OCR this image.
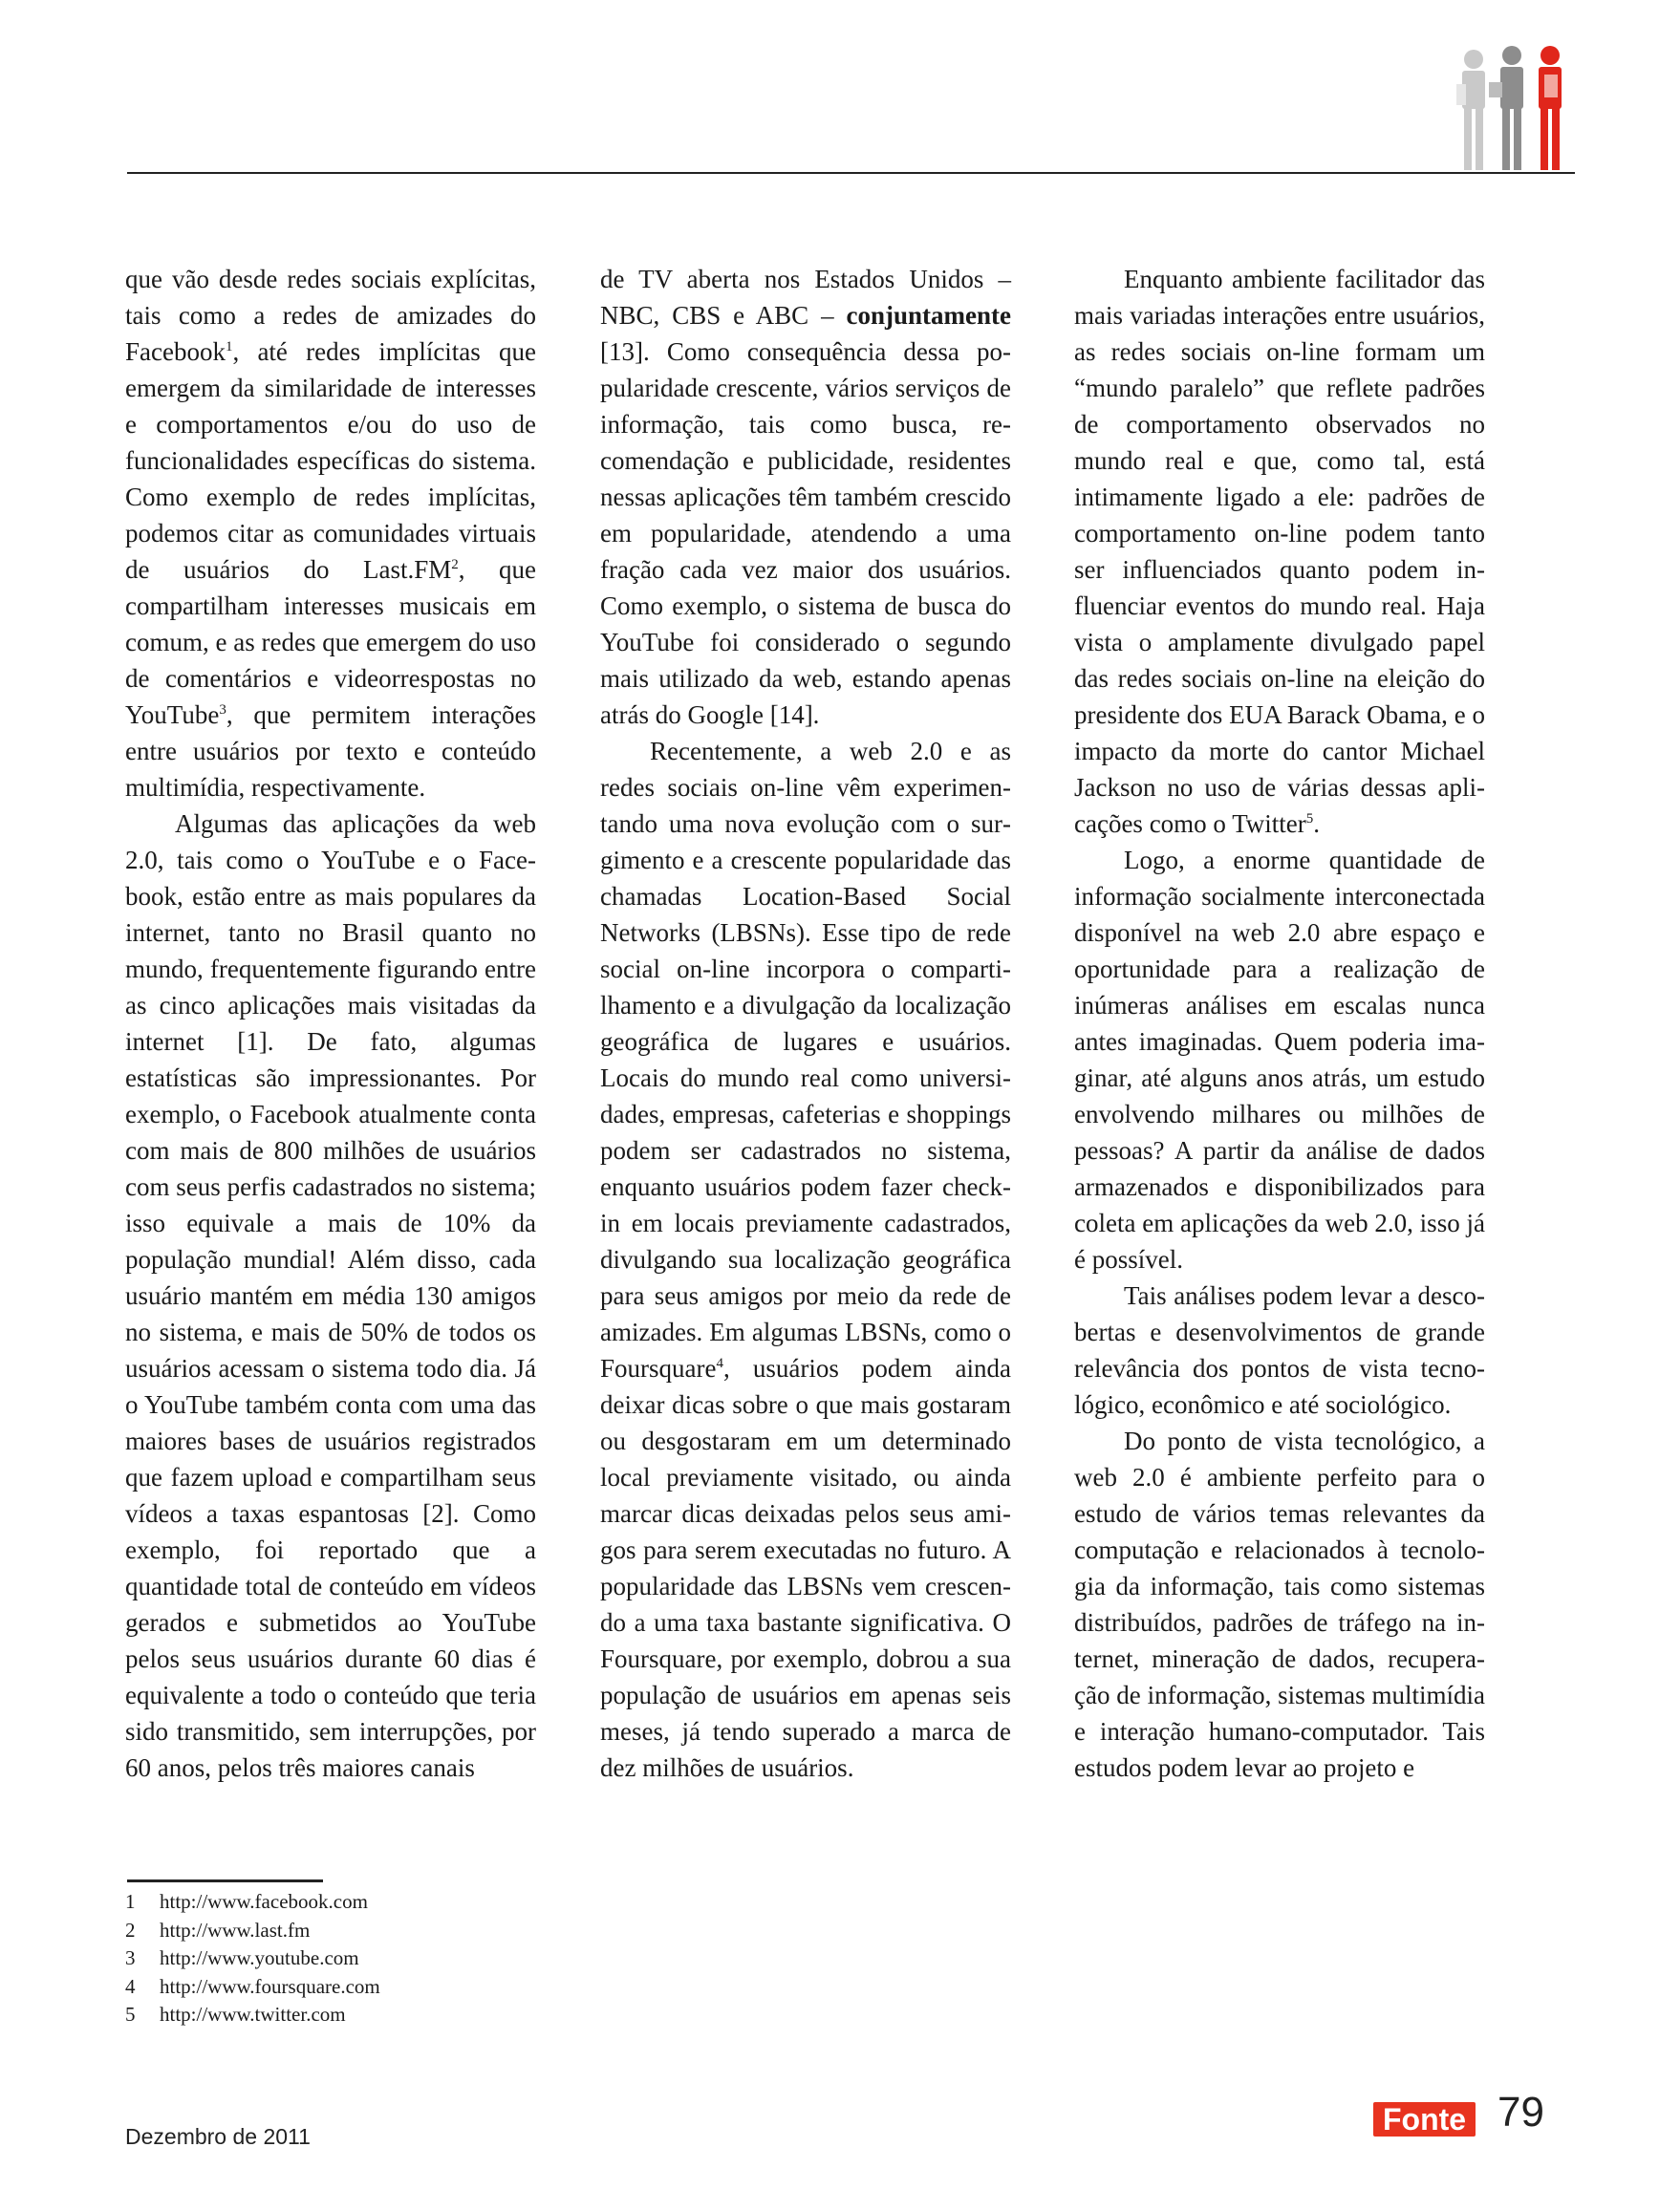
que vão desde redes sociais explícitas, tais como a redes de amizades do Facebook$^1$, até redes implícitas que emergem da similaridade de interesses e comportamentos e/ou do uso de funcionalidades específicas do sistema. Como exemplo de redes implícitas, podemos citar as comunidades virtuais de usuários do $Last.FM^2$, que compartilham interesses musicais em comum, e as redes que emergem do uso de comentários e videorrespostas no YouTube$^3$, que permitem interações entre usuários por texto e conteúdo multimídia, respectivamente.

Algumas das aplicações da web 2.0, tais como o YouTube e o Facebook, estão entre as mais populares da internet, tanto no Brasil quanto no mundo, frequentemente figurando entre as cinco aplicações mais visitadas da internet [1]. De fato, algumas estatísticas são impressionantes. Por exemplo, o Facebook atualmente conta com mais de 800 milhões de usuários com seus perfis cadastrados no sistema; isso equivale a mais de 10% da população mundial! Além disso, cada usuário mantém em média 130 amigos no sistema, e mais de 50% de todos os usuários acessam o sistema todo dia. Já o YouTube também conta com uma das maiores bases de usuários registrados que fazem upload e compartilham seus vídeos a taxas espantosas [2]. Como exemplo, foi reportado que a quantidade total de conteúdo em vídeos gerados e submetidos ao YouTube pelos seus usuários durante 60 dias é equivalente a todo o conteúdo que teria sido transmitido, sem interrupções, por 60 anos, pelos três maiores canais

de TV aberta nos Estados Unidos – NBC, CBS e ABC – conjuntamente [13]. Como consequência dessa popularidade crescente, vários serviços de informação, tais como busca, recomendação e publicidade, residentes nessas aplicações têm também crescido em popularidade, atendendo a uma fração cada vez maior dos usuários. Como exemplo, o sistema de busca do YouTube foi considerado o segundo mais utilizado da web, estando apenas atrás do Google [14].

Recentemente, a web 2.0 e as redes sociais on-line vêm experimentando uma nova evolução com o surgimento e a crescente popularidade das chamadas Location-Based Social Networks (LBSNs). Esse tipo de rede social on-line incorpora o compartilhamento e a divulgação da localização geográfica de lugares e usuários. Locais do mundo real como universidades, empresas, cafeterias e shoppings podem ser cadastrados no sistema, enquanto usuários podem fazer check-in em locais previamente cadastrados, divulgando sua localização geográfica para seus amigos por meio da rede de amizades. Em algumas LBSNs, como o Foursquare$^4$, usuários podem ainda deixar dicas sobre o que mais gostaram ou desgostaram em um determinado local previamente visitado, ou ainda marcar dicas deixadas pelos seus amigos para serem executadas no futuro. A popularidade das LBSNs vem crescendo a uma taxa bastante significativa. O Foursquare, por exemplo, dobrou a sua população de usuários em apenas seis meses, já tendo superado a marca de dez milhões de usuários.

Enquanto ambiente facilitador das mais variadas interações entre usuários, as redes sociais on-line formam um “mundo paralelo” que reflete padrões de comportamento observados no mundo real e que, como tal, está intimamente ligado a ele: padrões de comportamento on-line podem tanto ser influenciados quanto podem influenciar eventos do mundo real. Haja vista o amplamente divulgado papel das redes sociais on-line na eleição do presidente dos EUA Barack Obama, e o impacto da morte do cantor Michael Jackson no uso de várias dessas aplicações como o Twitter$^5$.

Logo, a enorme quantidade de informação socialmente interconectada disponível na web 2.0 abre espaço e oportunidade para a realização de inúmeras análises em escalas nunca antes imaginadas. Quem poderia imaginar, até alguns anos atrás, um estudo envolvendo milhares ou milhões de pessoas? A partir da análise de dados armazenados e disponibilizados para coleta em aplicações da web 2.0, isso já é possível.

Tais análises podem levar a descobertas e desenvolvimentos de grande relevância dos pontos de vista tecnológico, econômico e até sociológico.

Do ponto de vista tecnológico, a web 2.0 é ambiente perfeito para o estudo de vários temas relevantes da computação e relacionados à tecnologia da informação, tais como sistemas distribuídos, padrões de tráfego na internet, mineração de dados, recuperação de informação, sistemas multimídia e interação humano-computador. Tais estudos podem levar ao projeto e

1	http://www.facebook.com
2	http://www.last.fm
3	http://www.youtube.com
4	http://www.foursquare.com
5	http://www.twitter.com
Dezembro de 2011	Fonte 79
